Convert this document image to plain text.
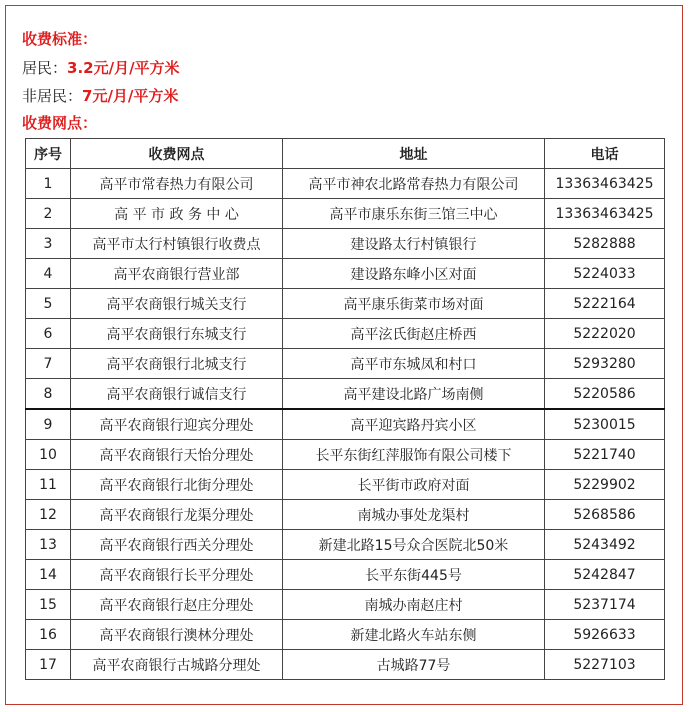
收费标准：
居民：3.2元/月/平方米
非居民：7元/月/平方米
收费网点：
序号	收费网点	地址	电话
1	高平市常春热力有限公司	高平市神农北路常春热力有限公司	13363463425
2	高 平 市 政 务 中 心	高平市康乐东街三馆三中心	13363463425
3	高平市太行村镇银行收费点	建设路太行村镇银行	5282888
4	高平农商银行营业部	建设路东峰小区对面	5224033
5	高平农商银行城关支行	高平康乐街菜市场对面	5222164
6	高平农商银行东城支行	高平泫氏街赵庄桥西	5222020
7	高平农商银行北城支行	高平市东城凤和村口	5293280
8	高平农商银行诚信支行	高平建设北路广场南侧	5220586
9	高平农商银行迎宾分理处	高平迎宾路丹宾小区	5230015
10	高平农商银行天怡分理处	长平东街红萍服饰有限公司楼下	5221740
11	高平农商银行北街分理处	长平街市政府对面	5229902
12	高平农商银行龙渠分理处	南城办事处龙渠村	5268586
13	高平农商银行西关分理处	新建北路15号众合医院北50米	5243492
14	高平农商银行长平分理处	长平东街445号	5242847
15	高平农商银行赵庄分理处	南城办南赵庄村	5237174
16	高平农商银行澳林分理处	新建北路火车站东侧	5926633
17	高平农商银行古城路分理处	古城路77号	5227103
